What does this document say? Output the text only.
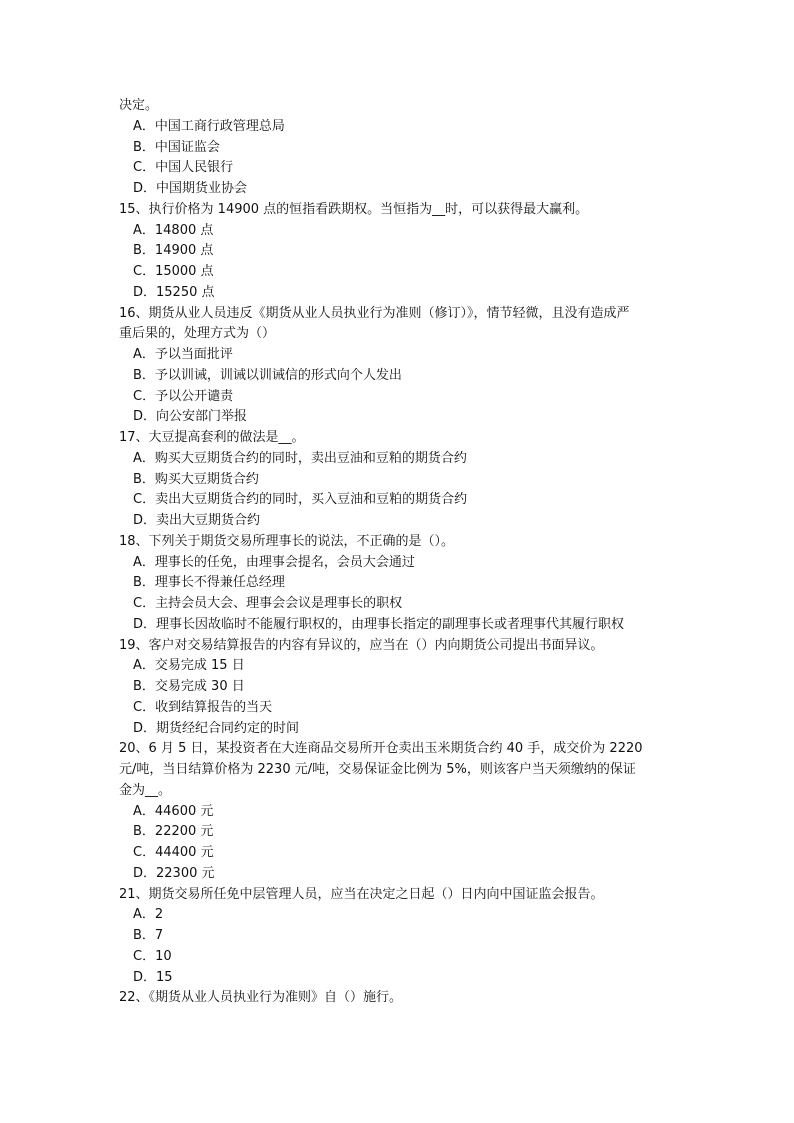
决定。

A．中国工商行政管理总局

B．中国证监会

C．中国人民银行

D．中国期货业协会

15、执行价格为 14900 点的恒指看跌期权。当恒指为__时，可以获得最大赢利。

A．14800 点

B．14900 点

C．15000 点

D．15250 点

16、期货从业人员违反《期货从业人员执业行为准则（修订）》，情节轻微，且没有造成严

重后果的，处理方式为（）

A．予以当面批评

B．予以训诫，训诫以训诫信的形式向个人发出

C．予以公开谴责

D．向公安部门举报

17、大豆提高套利的做法是__。

A．购买大豆期货合约的同时，卖出豆油和豆粕的期货合约

B．购买大豆期货合约

C．卖出大豆期货合约的同时，买入豆油和豆粕的期货合约

D．卖出大豆期货合约

18、下列关于期货交易所理事长的说法，不正确的是（）。

A．理事长的任免，由理事会提名，会员大会通过

B．理事长不得兼任总经理

C．主持会员大会、理事会会议是理事长的职权

D．理事长因故临时不能履行职权的，由理事长指定的副理事长或者理事代其履行职权

19、客户对交易结算报告的内容有异议的，应当在（）内向期货公司提出书面异议。

A．交易完成 15 日

B．交易完成 30 日

C．收到结算报告的当天

D．期货经纪合同约定的时间

20、6 月 5 日，某投资者在大连商品交易所开仓卖出玉米期货合约 40 手，成交价为 2220

元/吨，当日结算价格为 2230 元/吨，交易保证金比例为 5%，则该客户当天须缴纳的保证

金为__。

A．44600 元

B．22200 元

C．44400 元

D．22300 元

21、期货交易所任免中层管理人员，应当在决定之日起（）日内向中国证监会报告。

A．2

B．7

C．10

D．15

22、《期货从业人员执业行为准则》自（）施行。
